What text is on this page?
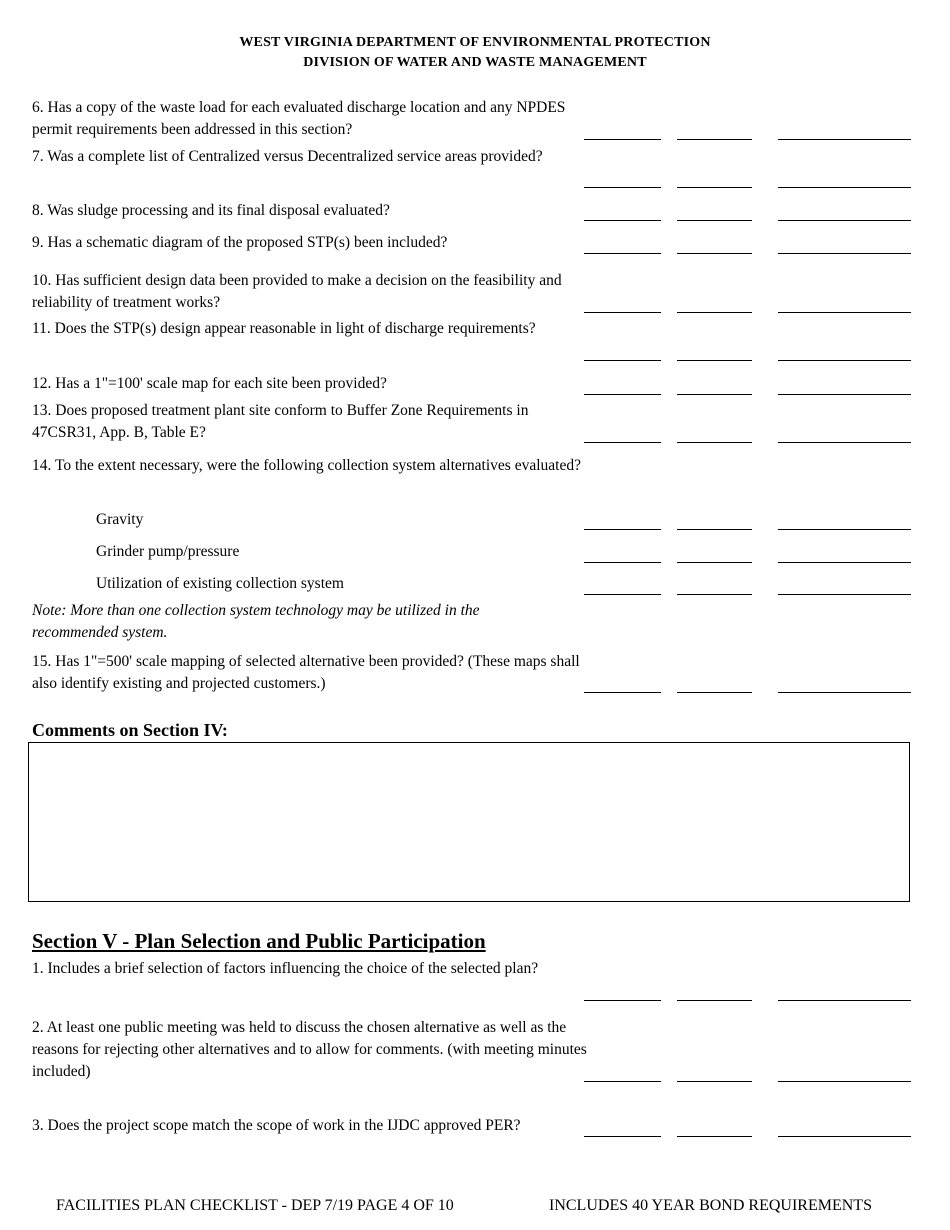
WEST VIRGINIA DEPARTMENT OF ENVIRONMENTAL PROTECTION
DIVISION OF WATER AND WASTE MANAGEMENT
6. Has a copy of the waste load for each evaluated discharge location and any NPDES permit requirements been addressed in this section?
7. Was a complete list of Centralized versus Decentralized service areas provided?
8. Was sludge processing and its final disposal evaluated?
9. Has a schematic diagram of the proposed STP(s) been included?
10. Has sufficient design data been provided to make a decision on the feasibility and reliability of treatment works?
11. Does the STP(s) design appear reasonable in light of discharge requirements?
12. Has a 1"=100' scale map for each site been provided?
13. Does proposed treatment plant site conform to Buffer Zone Requirements in 47CSR31, App. B, Table E?
14. To the extent necessary, were the following collection system alternatives evaluated?
Gravity
Grinder pump/pressure
Utilization of existing collection system
Note: More than one collection system technology may be utilized in the recommended system.
15. Has 1"=500' scale mapping of selected alternative been provided? (These maps shall also identify existing and projected customers.)
Comments on Section IV:
Section V - Plan Selection and Public Participation
1. Includes a brief selection of factors influencing the choice of the selected plan?
2. At least one public meeting was held to discuss the chosen alternative as well as the reasons for rejecting other alternatives and to allow for comments. (with meeting minutes included)
3. Does the project scope match the scope of work in the IJDC approved PER?
FACILITIES PLAN CHECKLIST - DEP 7/19 PAGE 4 OF 10	INCLUDES 40 YEAR BOND REQUIREMENTS
